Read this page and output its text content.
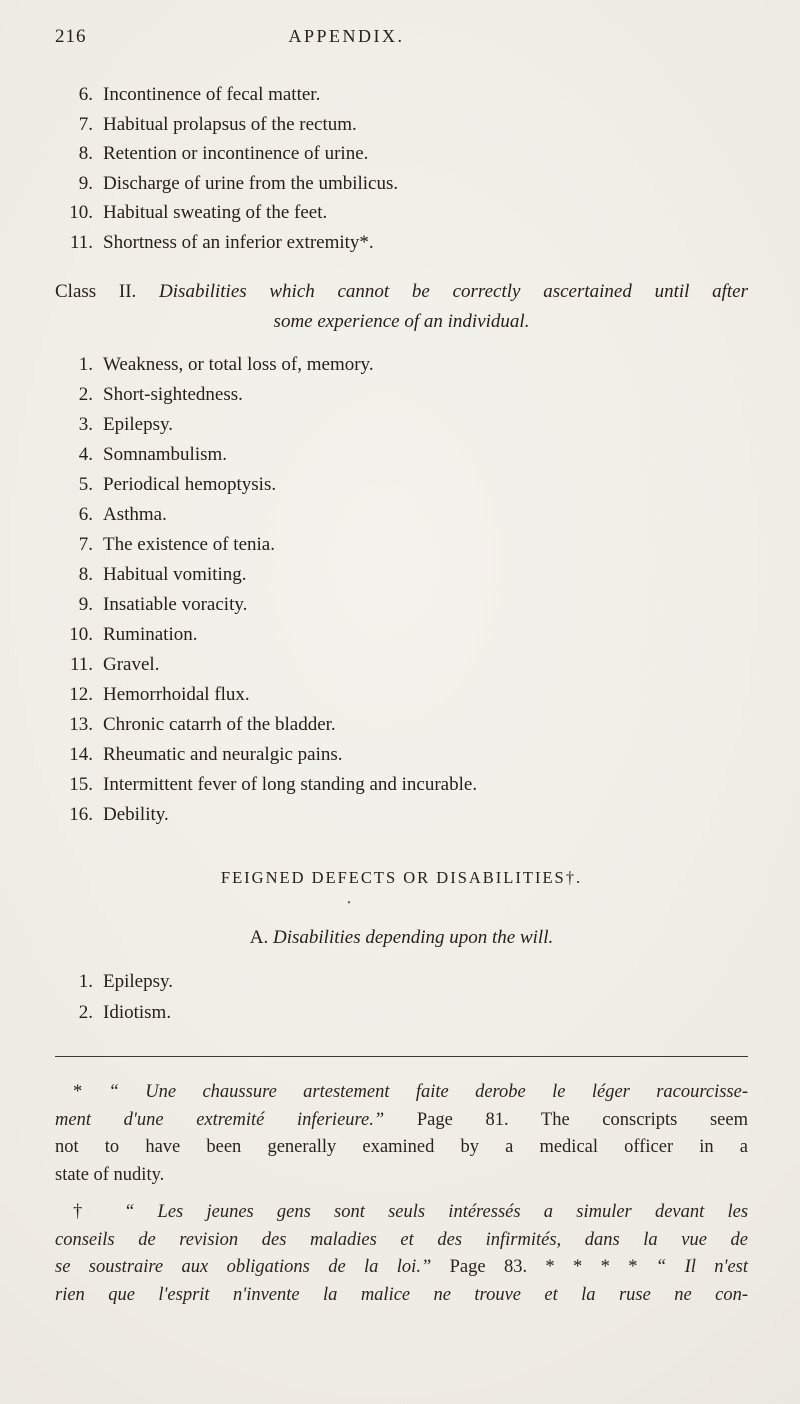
216	APPENDIX.
6. Incontinence of fecal matter.
7. Habitual prolapsus of the rectum.
8. Retention or incontinence of urine.
9. Discharge of urine from the umbilicus.
10. Habitual sweating of the feet.
11. Shortness of an inferior extremity*.

Class II. Disabilities which cannot be correctly ascertained until after

some experience of an individual.

1. Weakness, or total loss of, memory.
2. Short-sightedness.
3. Epilepsy.
4. Somnambulism.
5. Periodical hemoptysis.
6. Asthma.
7. The existence of tenia.
8. Habitual vomiting.
9. Insatiable voracity.
10. Rumination.
11. Gravel.
12. Hemorrhoidal flux.
13. Chronic catarrh of the bladder.
14. Rheumatic and neuralgic pains.
15. Intermittent fever of long standing and incurable.
16. Debility.
FEIGNED DEFECTS OR DISABILITIES†.
•

A. Disabilities depending upon the will.

1. Epilepsy.
2. Idiotism.
* “ Une chaussure artestement faite derobe le léger racourcisse-
ment d'une extremité inferieure.” Page 81. The conscripts seem
not to have been generally examined by a medical officer in a
state of nudity.
† “ Les jeunes gens sont seuls intéressés a simuler devant les
conseils de revision des maladies et des infirmités, dans la vue de
se soustraire aux obligations de la loi.” Page 83. * * * * “ Il n'est
rien que l'esprit n'invente la malice ne trouve et la ruse ne con-
